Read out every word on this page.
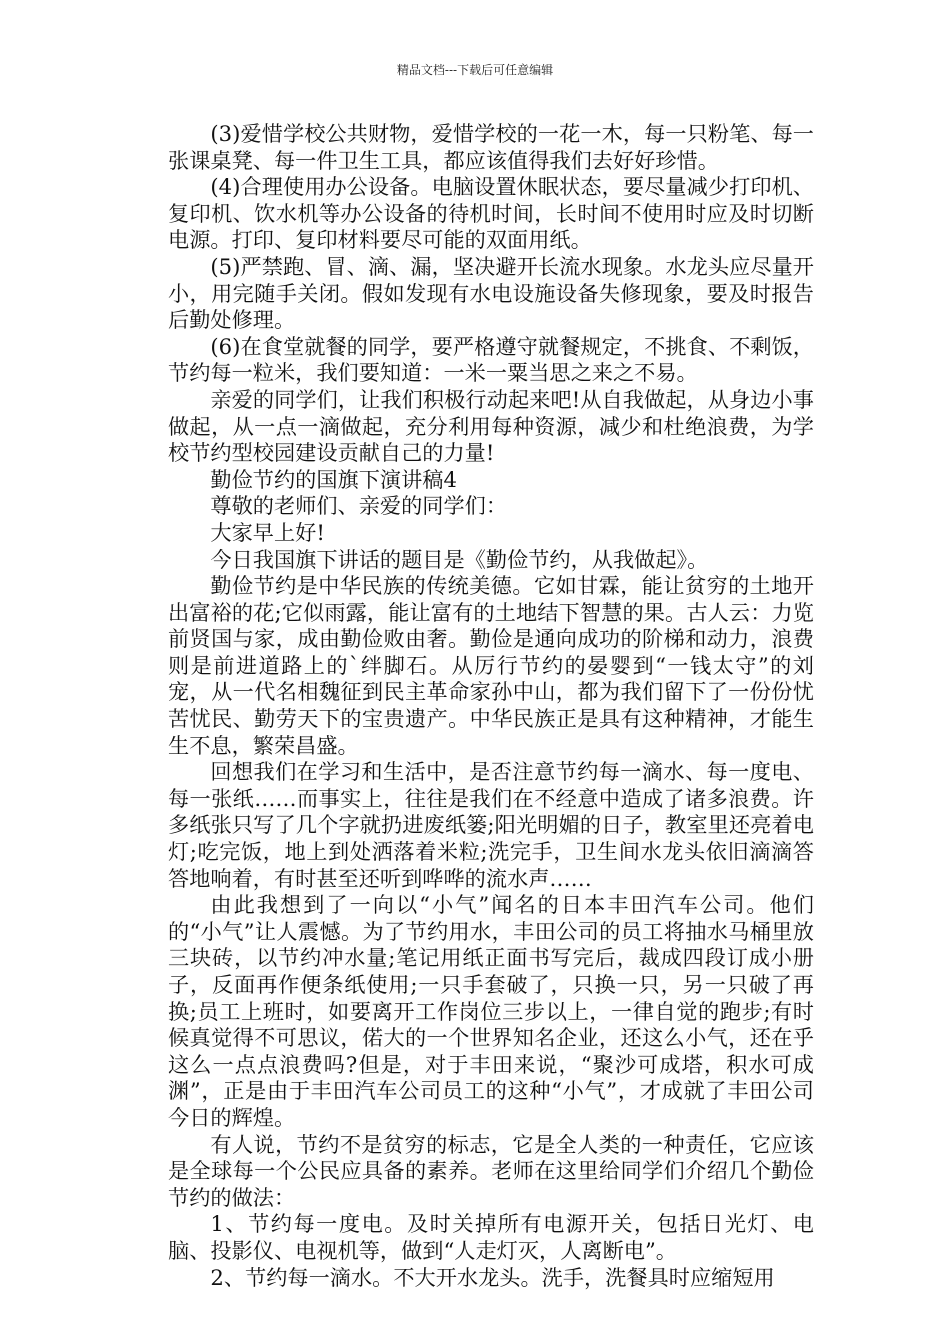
精品文档---下载后可任意编辑

(3)爱惜学校公共财物，爱惜学校的一花一木，每一只粉笔、每一张课桌凳、每一件卫生工具，都应该值得我们去好好珍惜。

(4)合理使用办公设备。电脑设置休眠状态，要尽量减少打印机、复印机、饮水机等办公设备的待机时间，长时间不使用时应及时切断电源。打印、复印材料要尽可能的双面用纸。

(5)严禁跑、冒、滴、漏，坚决避开长流水现象。水龙头应尽量开小，用完随手关闭。假如发现有水电设施设备失修现象，要及时报告后勤处修理。

(6)在食堂就餐的同学，要严格遵守就餐规定，不挑食、不剩饭，节约每一粒米，我们要知道：一米一粟当思之来之不易。

亲爱的同学们，让我们积极行动起来吧!从自我做起，从身边小事做起，从一点一滴做起，充分利用每种资源，减少和杜绝浪费，为学校节约型校园建设贡献自己的力量!

勤俭节约的国旗下演讲稿4

尊敬的老师们、亲爱的同学们：

大家早上好!

今日我国旗下讲话的题目是《勤俭节约，从我做起》。

勤俭节约是中华民族的传统美德。它如甘霖，能让贫穷的土地开出富裕的花;它似雨露，能让富有的土地结下智慧的果。古人云：力览前贤国与家，成由勤俭败由奢。勤俭是通向成功的阶梯和动力，浪费则是前进道路上的`绊脚石。从厉行节约的晏婴到“一钱太守”的刘宠，从一代名相魏征到民主革命家孙中山，都为我们留下了一份份忧苦忧民、勤劳天下的宝贵遗产。中华民族正是具有这种精神，才能生生不息，繁荣昌盛。

回想我们在学习和生活中，是否注意节约每一滴水、每一度电、每一张纸……而事实上，往往是我们在不经意中造成了诸多浪费。许多纸张只写了几个字就扔进废纸篓;阳光明媚的日子，教室里还亮着电灯;吃完饭，地上到处洒落着米粒;洗完手，卫生间水龙头依旧滴滴答答地响着，有时甚至还听到哗哗的流水声……

由此我想到了一向以“小气”闻名的日本丰田汽车公司。他们的“小气”让人震憾。为了节约用水，丰田公司的员工将抽水马桶里放三块砖，以节约冲水量;笔记用纸正面书写完后，裁成四段订成小册子，反面再作便条纸使用;一只手套破了，只换一只，另一只破了再换;员工上班时，如要离开工作岗位三步以上，一律自觉的跑步;有时候真觉得不可思议，偌大的一个世界知名企业，还这么小气，还在乎这么一点点浪费吗?但是，对于丰田来说，“聚沙可成塔，积水可成渊”，正是由于丰田汽车公司员工的这种“小气”，才成就了丰田公司今日的辉煌。

有人说，节约不是贫穷的标志，它是全人类的一种责任，它应该是全球每一个公民应具备的素养。老师在这里给同学们介绍几个勤俭节约的做法：

1、节约每一度电。及时关掉所有电源开关，包括日光灯、电脑、投影仪、电视机等，做到“人走灯灭，人离断电”。

2、节约每一滴水。不大开水龙头。洗手，洗餐具时应缩短用
